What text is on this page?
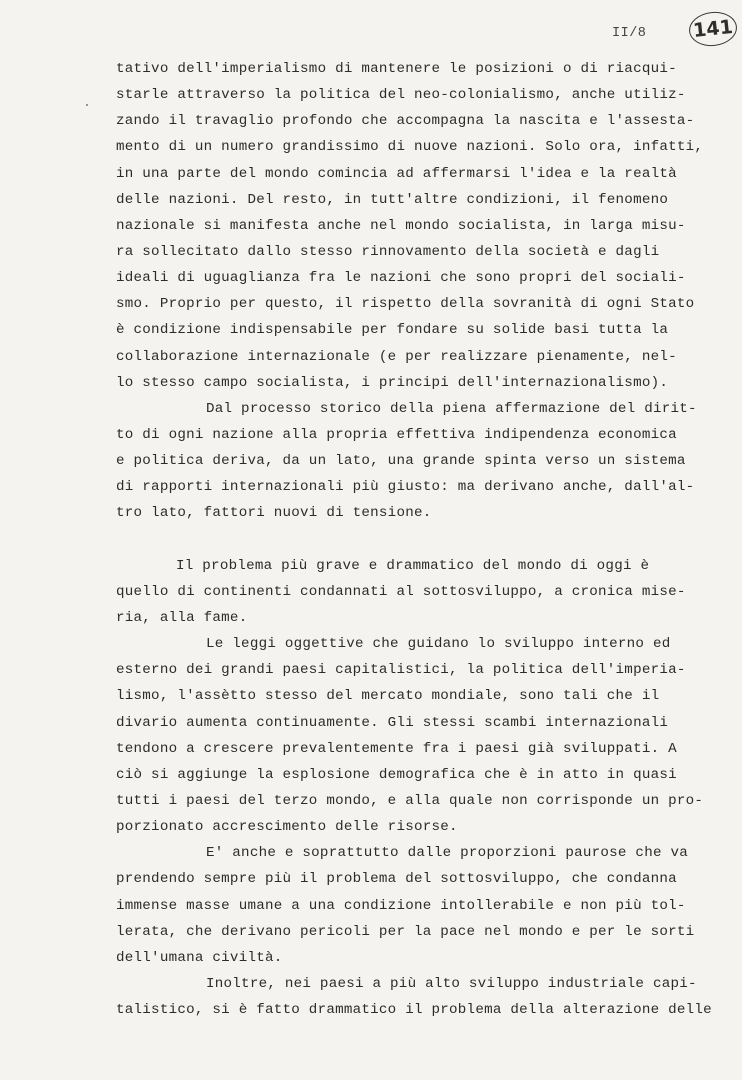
II/8 141
tativo dell'imperialismo di mantenere le posizioni o di riacqui-
starle attraverso la politica del neo-colonialismo, anche utiliz-
zando il travaglio profondo che accompagna la nascita e l'assesta-
mento di un numero grandissimo di nuove nazioni. Solo ora, infatti,
in una parte del mondo comincia ad affermarsi l'idea e la realtà
delle nazioni. Del resto, in tutt'altre condizioni, il fenomeno
nazionale si manifesta anche nel mondo socialista, in larga misu-
ra sollecitato dallo stesso rinnovamento della società e dagli
ideali di uguaglianza fra le nazioni che sono propri del sociali-
smo. Proprio per questo, il rispetto della sovranità di ogni Stato
è condizione indispensabile per fondare su solide basi tutta la
collaborazione internazionale (e per realizzare pienamente, nel-
lo stesso campo socialista, i principi dell'internazionalismo).
Dal processo storico della piena affermazione del dirit-
to di ogni nazione alla propria effettiva indipendenza economica
e politica deriva, da un lato, una grande spinta verso un sistema
di rapporti internazionali più giusto: ma derivano anche, dall'al-
tro lato, fattori nuovi di tensione.
Il problema più grave e drammatico del mondo di oggi è
quello di continenti condannati al sottosviluppo, a cronica mise-
ria, alla fame.
Le leggi oggettive che guidano lo sviluppo interno ed
esterno dei grandi paesi capitalistici, la politica dell'imperia-
lismo, l'assètto stesso del mercato mondiale, sono tali che il
divario aumenta continuamente. Gli stessi scambi internazionali
tendono a crescere prevalentemente fra i paesi già sviluppati. A
ciò si aggiunge la esplosione demografica che è in atto in quasi
tutti i paesi del terzo mondo, e alla quale non corrisponde un pro-
porzionato accrescimento delle risorse.
E' anche e soprattutto dalle proporzioni paurose che va
prendendo sempre più il problema del sottosviluppo, che condanna
immense masse umane a una condizione intollerabile e non più tol-
lerata, che derivano pericoli per la pace nel mondo e per le sorti
dell'umana civiltà.
Inoltre, nei paesi a più alto sviluppo industriale capi-
talistico, si è fatto drammatico il problema della alterazione delle
